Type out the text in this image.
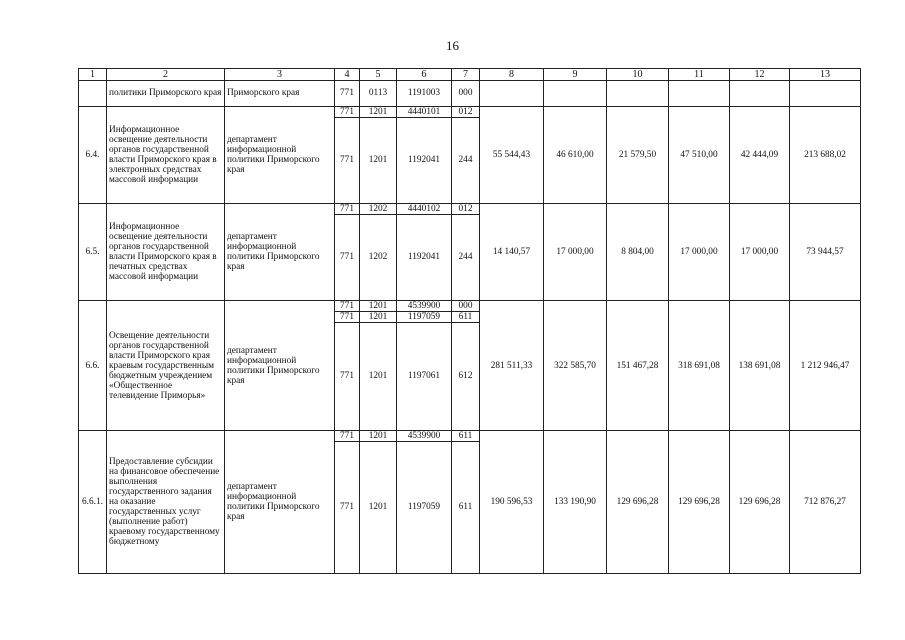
16
1	2	3	4	5	6	7	8	9	10	11	12	13
	политики Приморского края	Приморского края	771	0113	1191003	000						
6.4.	Информационное освещение деятельности органов государственной власти Приморского края в электронных средствах массовой информации	департамент информационной политики Приморского края	771	1201	4440101	012	55 544,43	46 610,00	21 579,50	47 510,00	42 444,09	213 688,02
			771	1201	1192041	244						
6.5.	Информационное освещение деятельности органов государственной власти Приморского края в печатных средствах массовой информации	департамент информационной политики Приморского края	771	1202	4440102	012	14 140,57	17 000,00	8 804,00	17 000,00	17 000,00	73 944,57
			771	1202	1192041	244						
6.6.	Освещение деятельности органов государственной власти Приморского края краевым государственным бюджетным учреждением «Общественное телевидение Приморья»	департамент информационной политики Приморского края	771	1201	4539900	000	281 511,33	322 585,70	151 467,28	318 691,08	138 691,08	1 212 946,47
			771	1201	1197059	611						
			771	1201	1197061	612						
6.6.1.	Предоставление субсидии на финансовое обеспечение выполнения государственного задания на оказание государственных услуг (выполнение работ) краевому государственному бюджетному	департамент информационной политики Приморского края	771	1201	4539900	611	190 596,53	133 190,90	129 696,28	129 696,28	129 696,28	712 876,27
			771	1201	1197059	611						
